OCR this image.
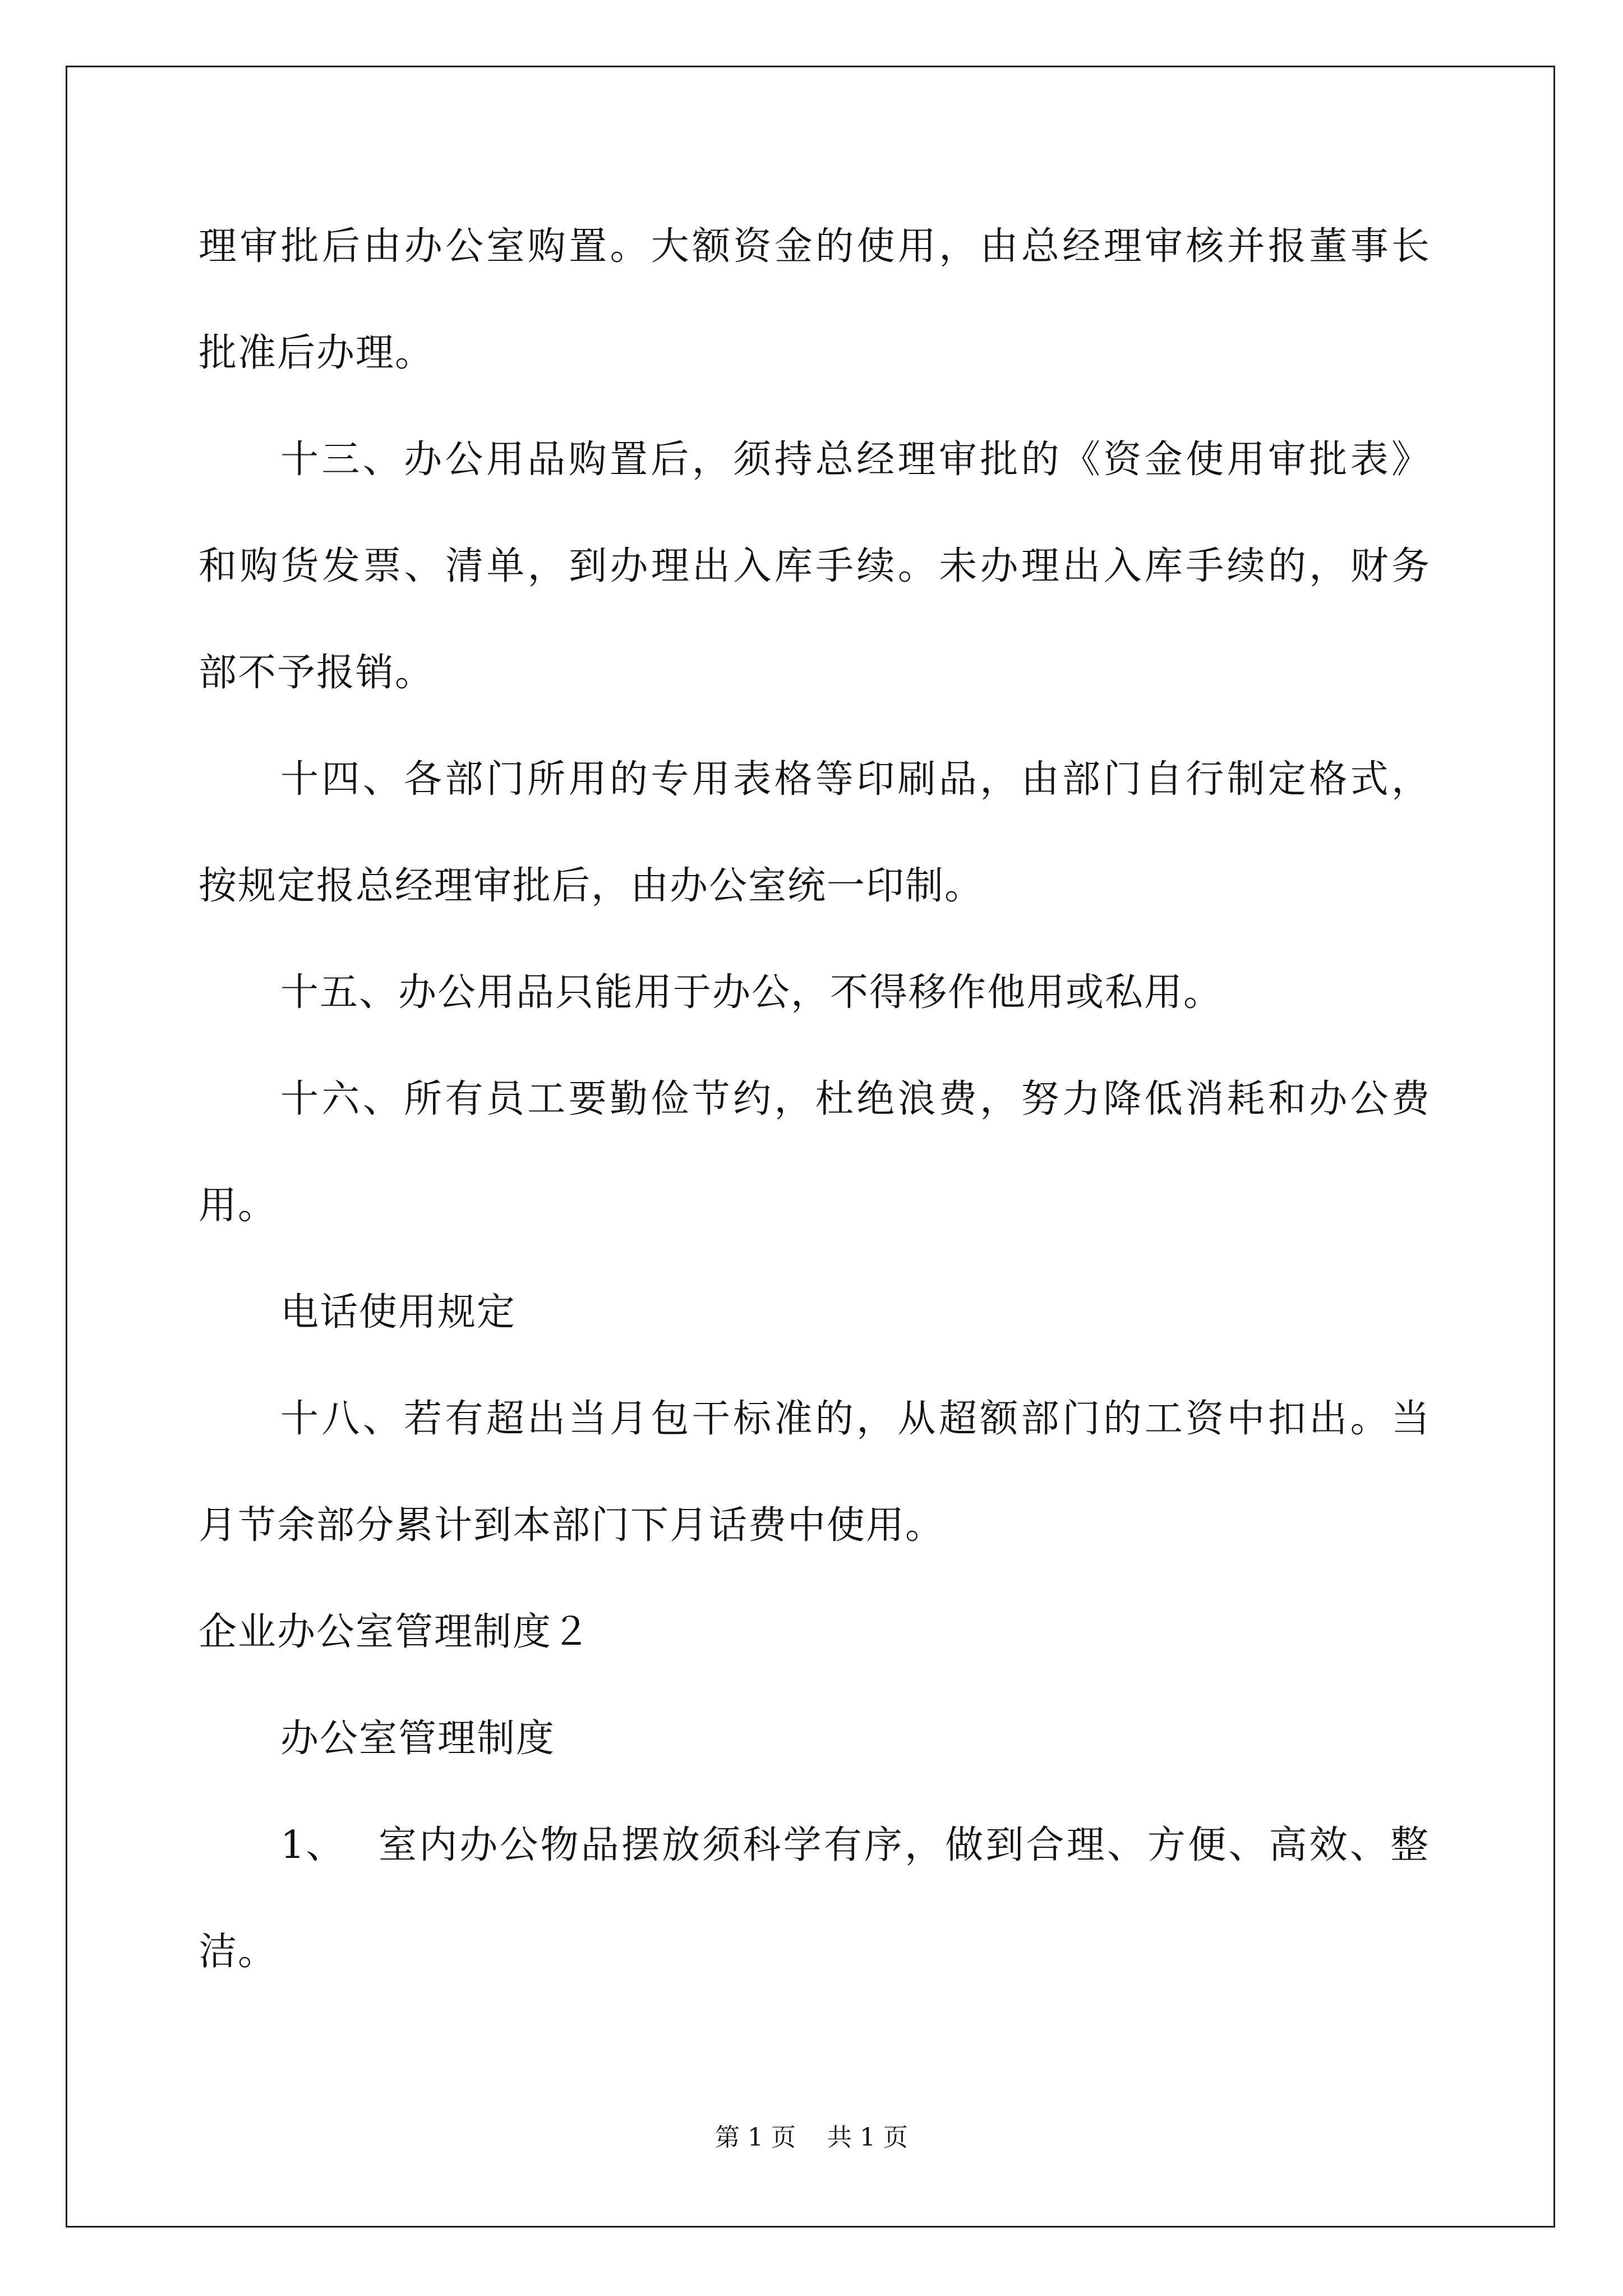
理审批后由办公室购置。大额资金的使用，由总经理审核并报董事长
批准后办理。
十三、办公用品购置后，须持总经理审批的《资金使用审批表》
和购货发票、清单，到办理出入库手续。未办理出入库手续的，财务
部不予报销。
十四、各部门所用的专用表格等印刷品，由部门自行制定格式，
按规定报总经理审批后，由办公室统一印制。
十五、办公用品只能用于办公，不得移作他用或私用。
十六、所有员工要勤俭节约，杜绝浪费，努力降低消耗和办公费
用。
电话使用规定
十八、若有超出当月包干标准的，从超额部门的工资中扣出。当
月节余部分累计到本部门下月话费中使用。
企业办公室管理制度２
办公室管理制度
1、 室内办公物品摆放须科学有序，做到合理、方便、高效、整
洁。
第 1 页    共 1 页
